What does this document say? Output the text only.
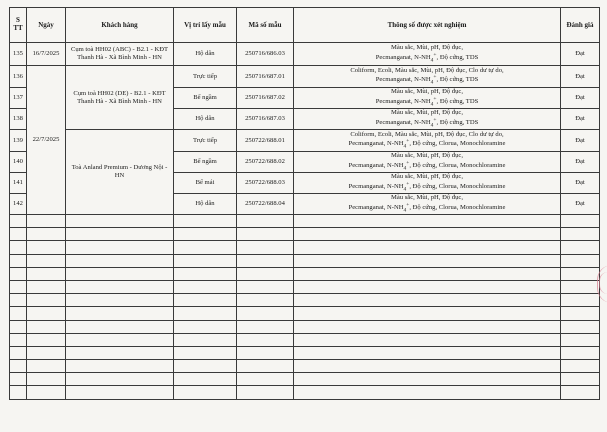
S TT	Ngày	Khách hàng	Vị trí lấy mẫu	Mã số mẫu	Thông số được xét nghiệm	Đánh giá
135	16/7/2025	Cụm toà HH02 (ABC) - B2.1 - KĐT Thanh Hà - Xã Bình Minh - HN	Hộ dân	250716/686.03	Màu sắc, Mùi, pH, Độ đục,
Pecmanganat, $N-NH_4^+$, Độ cứng, TDS	Đạt
136	22/7/2025	Cụm toà HH02 (DE) - B2.1 - KĐT Thanh Hà - Xã Bình Minh - HN	Trực tiếp	250716/687.01	Coliform, Ecoli, Màu sắc, Mùi, pH, Độ đục, Clo dư tự do,
Pecmanganat, $N-NH_4^+$, Độ cứng, TDS	Đạt
137			Bể ngầm	250716/687.02	Màu sắc, Mùi, pH, Độ đục,
Pecmanganat, $N-NH_4^+$, Độ cứng, TDS	Đạt
138			Hộ dân	250716/687.03	Màu sắc, Mùi, pH, Độ đục,
Pecmanganat, $N-NH_4^+$, Độ cứng, TDS	Đạt
139		Toà Anland Premium - Dương Nội - HN	Trực tiếp	250722/688.01	Coliform, Ecoli, Màu sắc, Mùi, pH, Độ đục, Clo dư tự do,
Pecmanganat, $N-NH_4^+$, Độ cứng, Clorua, Monochloramine	Đạt
140			Bể ngầm	250722/688.02	Màu sắc, Mùi, pH, Độ đục,
Pecmanganat, $N-NH_4^+$, Độ cứng, Clorua, Monochloramine	Đạt
141			Bể mái	250722/688.03	Màu sắc, Mùi, pH, Độ đục,
Pecmanganat, $N-NH_4^+$, Độ cứng, Clorua, Monochloramine	Đạt
142			Hộ dân	250722/688.04	Màu sắc, Mùi, pH, Độ đục,
Pecmanganat, $N-NH_4^+$, Độ cứng, Clorua, Monochloramine	Đạt
